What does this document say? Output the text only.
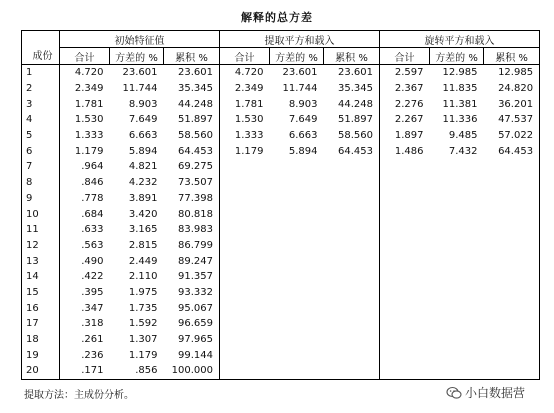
解释的总方差
成份	初始特征值			提取平方和载入			旋转平方和载入		
	合计	方差的 %	累积 %	合计	方差的 %	累积 %	合计	方差的 %	累积 %
1	4.720	23.601	23.601	4.720	23.601	23.601	2.597	12.985	12.985
2	2.349	11.744	35.345	2.349	11.744	35.345	2.367	11.835	24.820
3	1.781	8.903	44.248	1.781	8.903	44.248	2.276	11.381	36.201
4	1.530	7.649	51.897	1.530	7.649	51.897	2.267	11.336	47.537
5	1.333	6.663	58.560	1.333	6.663	58.560	1.897	9.485	57.022
6	1.179	5.894	64.453	1.179	5.894	64.453	1.486	7.432	64.453
7	.964	4.821	69.275						
8	.846	4.232	73.507						
9	.778	3.891	77.398						
10	.684	3.420	80.818						
11	.633	3.165	83.983						
12	.563	2.815	86.799						
13	.490	2.449	89.247						
14	.422	2.110	91.357						
15	.395	1.975	93.332						
16	.347	1.735	95.067						
17	.318	1.592	96.659						
18	.261	1.307	97.965						
19	.236	1.179	99.144						
20	.171	.856	100.000						
提取方法：主成份分析。	小白数据营
